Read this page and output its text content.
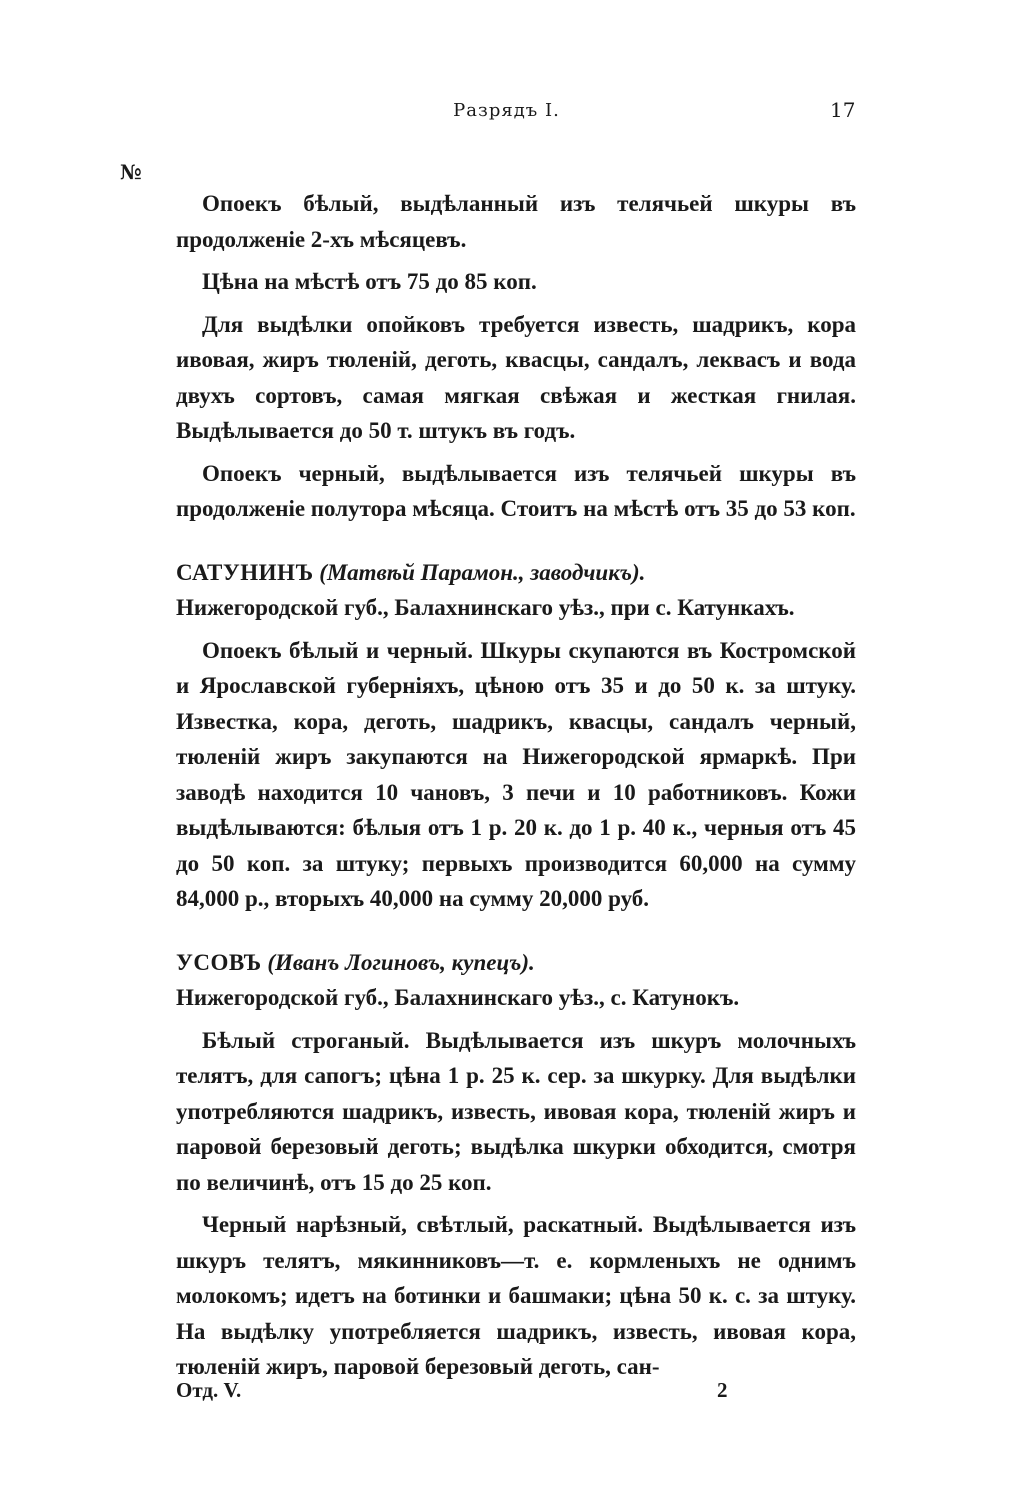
Разрядъ I.	17
№

Опоекъ бѣлый, выдѣланный изъ телячьей шкуры въ продолженіе 2-хъ мѣсяцевъ.

Цѣна на мѣстѣ отъ 75 до 85 коп.

Для выдѣлки опойковъ требуется известь, шадрикъ, кора ивовая, жиръ тюленій, деготь, квасцы, сандалъ, леквасъ и вода двухъ сортовъ, самая мягкая свѣжая и жесткая гнилая. Выдѣлывается до 50 т. штукъ въ годъ.

Опоекъ черный, выдѣлывается изъ телячьей шкуры въ продолженіе полутора мѣсяца. Стоитъ на мѣстѣ отъ 35 до 53 коп.

САТУНИНЪ (Матвѣй Парамон., заводчикъ).

Нижегородской губ., Балахнинскаго уѣз., при с. Катункахъ.

Опоекъ бѣлый и черный. Шкуры скупаются въ Костромской и Ярославской губерніяхъ, цѣною отъ 35 и до 50 к. за штуку. Известка, кора, деготь, шадрикъ, квасцы, сандалъ черный, тюленій жиръ закупаются на Нижегородской ярмаркѣ. При заводѣ находится 10 чановъ, 3 печи и 10 работниковъ. Кожи выдѣлываются: бѣлыя отъ 1 р. 20 к. до 1 р. 40 к., черныя отъ 45 до 50 коп. за штуку; первыхъ производится 60,000 на сумму 84,000 р., вторыхъ 40,000 на сумму 20,000 руб.

УСОВЪ (Иванъ Логиновъ, купецъ).

Нижегородской губ., Балахнинскаго уѣз., с. Катунокъ.

Бѣлый строганый. Выдѣлывается изъ шкуръ молочныхъ телятъ, для сапогъ; цѣна 1 р. 25 к. сер. за шкурку. Для выдѣлки употребляются шадрикъ, известь, ивовая кора, тюленій жиръ и паровой березовый деготь; выдѣлка шкурки обходится, смотря по величинѣ, отъ 15 до 25 коп.

Черный нарѣзный, свѣтлый, раскатный. Выдѣлывается изъ шкуръ телятъ, мякинниковъ—т. е. кормленыхъ не однимъ молокомъ; идетъ на ботинки и башмаки; цѣна 50 к. с. за штуку. На выдѣлку употребляется шадрикъ, известь, ивовая кора, тюленій жиръ, паровой березовый деготь, сан-

Отд. V.	2
